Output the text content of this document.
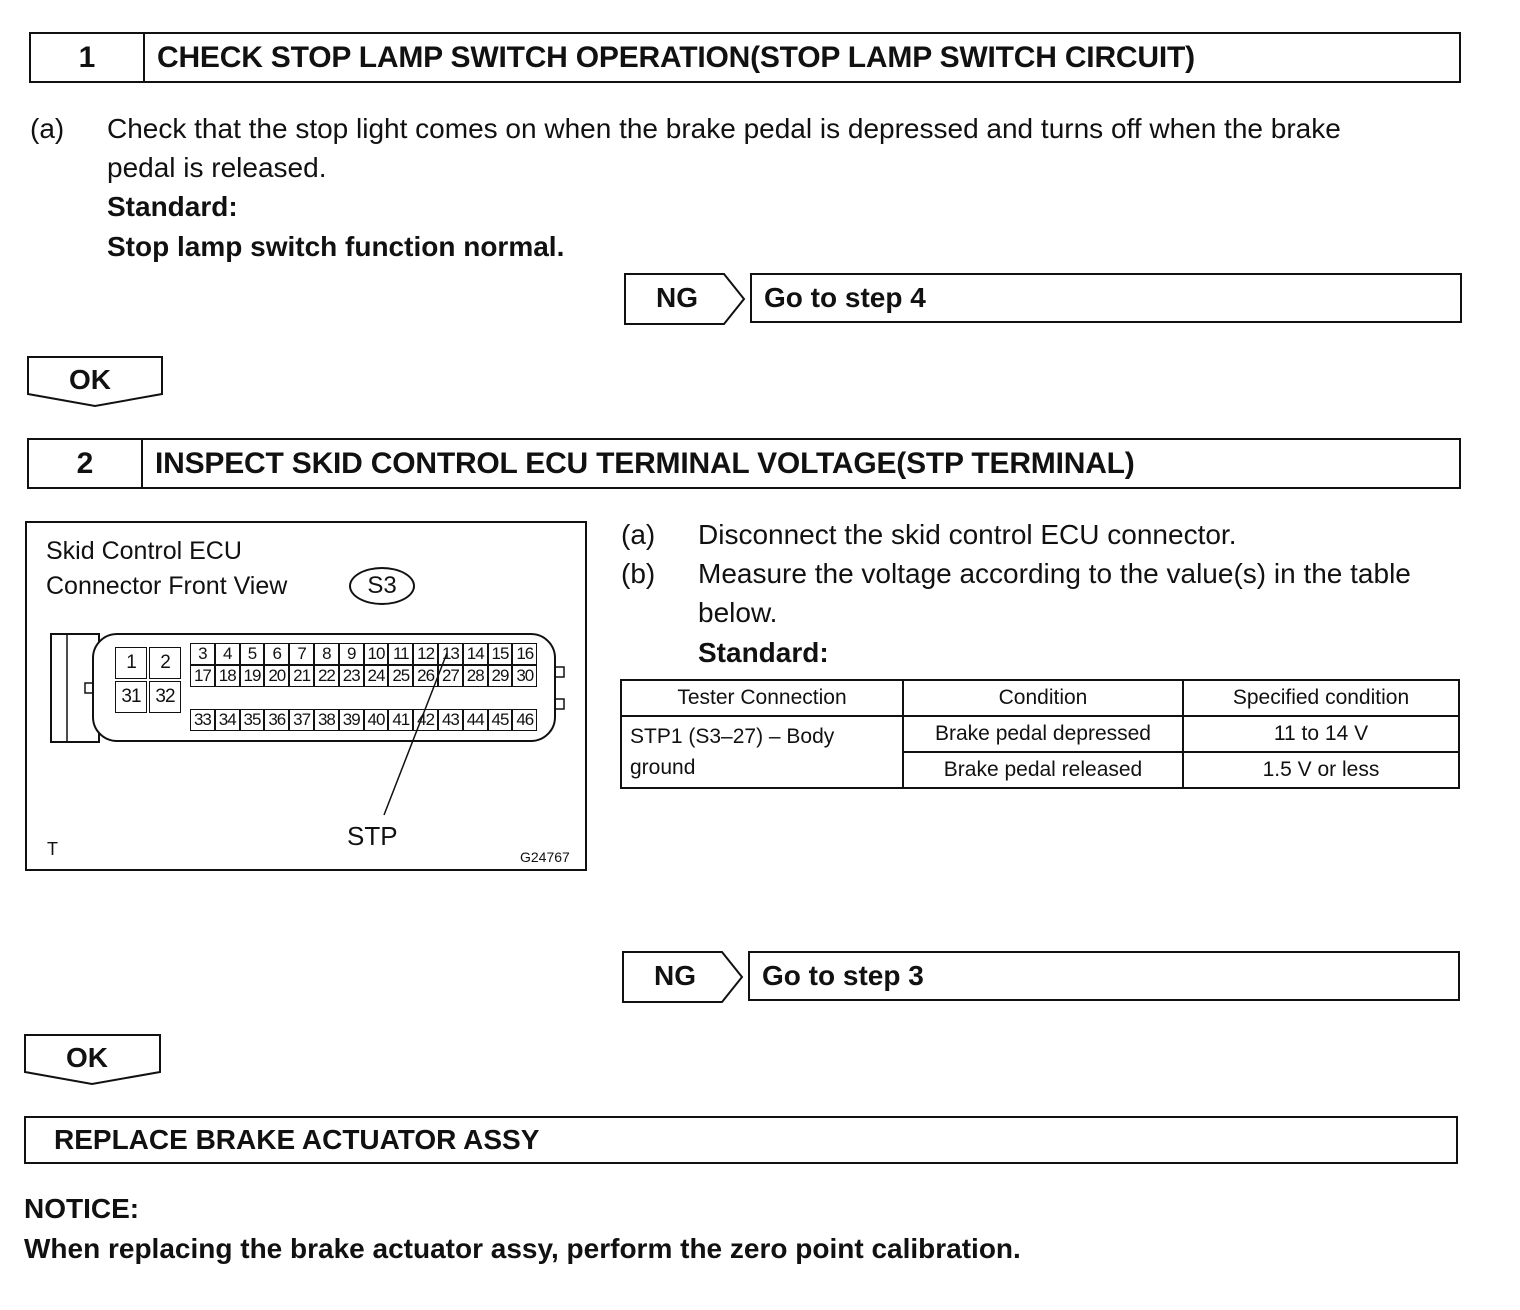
1	CHECK STOP LAMP SWITCH OPERATION(STOP LAMP SWITCH CIRCUIT)
(a) Check that the stop light comes on when the brake pedal is depressed and turns off when the brake
pedal is released.
Standard:
Stop lamp switch function normal.
NG	Go to step 4
OK
2	INSPECT SKID CONTROL ECU TERMINAL VOLTAGE(STP TERMINAL)
Skid Control ECU
Connector Front View	S3
1	2
31 32
3 4 5 6 7 8 9 10 11 12 13 14 15 16
17 18 19 20 21 22 23 24 25 26 27 28 29 30
33 34 35 36 37 38 39 40 41 42 43 44 45 46
STP
T	G24767
(a) Disconnect the skid control ECU connector.
(b) Measure the voltage according to the value(s) in the table
below.
Standard:
Tester Connection	Condition	Specified condition

STP1 (S3–27) – Body
ground	Brake pedal depressed	11 to 14 V
	Brake pedal released	1.5 V or less
NG	Go to step 3
OK
REPLACE BRAKE ACTUATOR ASSY
NOTICE:
When replacing the brake actuator assy, perform the zero point calibration.
